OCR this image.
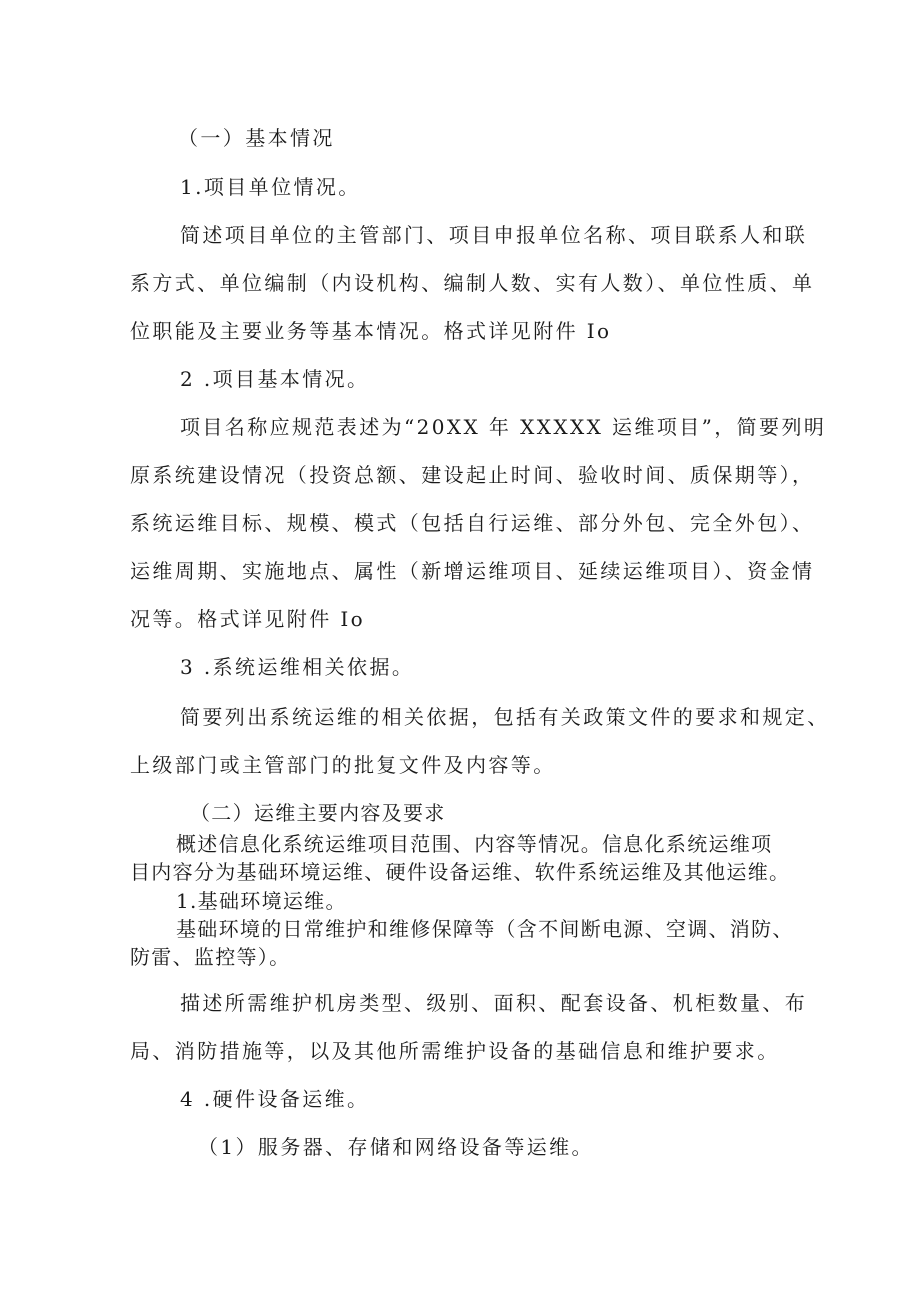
（一）基本情况
1.项目单位情况。
简述项目单位的主管部门、项目申报单位名称、项目联系人和联
系方式、单位编制（内设机构、编制人数、实有人数）、单位性质、单
位职能及主要业务等基本情况。格式详见附件 Io
2 .项目基本情况。
项目名称应规范表述为“20XX 年 XXXXX 运维项目”，简要列明
原系统建设情况（投资总额、建设起止时间、验收时间、质保期等），
系统运维目标、规模、模式（包括自行运维、部分外包、完全外包）、
运维周期、实施地点、属性（新增运维项目、延续运维项目）、资金情
况等。格式详见附件 Io
3 .系统运维相关依据。
简要列出系统运维的相关依据，包括有关政策文件的要求和规定、
上级部门或主管部门的批复文件及内容等。
（二）运维主要内容及要求
概述信息化系统运维项目范围、内容等情况。信息化系统运维项
目内容分为基础环境运维、硬件设备运维、软件系统运维及其他运维。
1.基础环境运维。
基础环境的日常维护和维修保障等（含不间断电源、空调、消防、
防雷、监控等）。
描述所需维护机房类型、级别、面积、配套设备、机柜数量、布
局、消防措施等，以及其他所需维护设备的基础信息和维护要求。
4 .硬件设备运维。
（1）服务器、存储和网络设备等运维。
